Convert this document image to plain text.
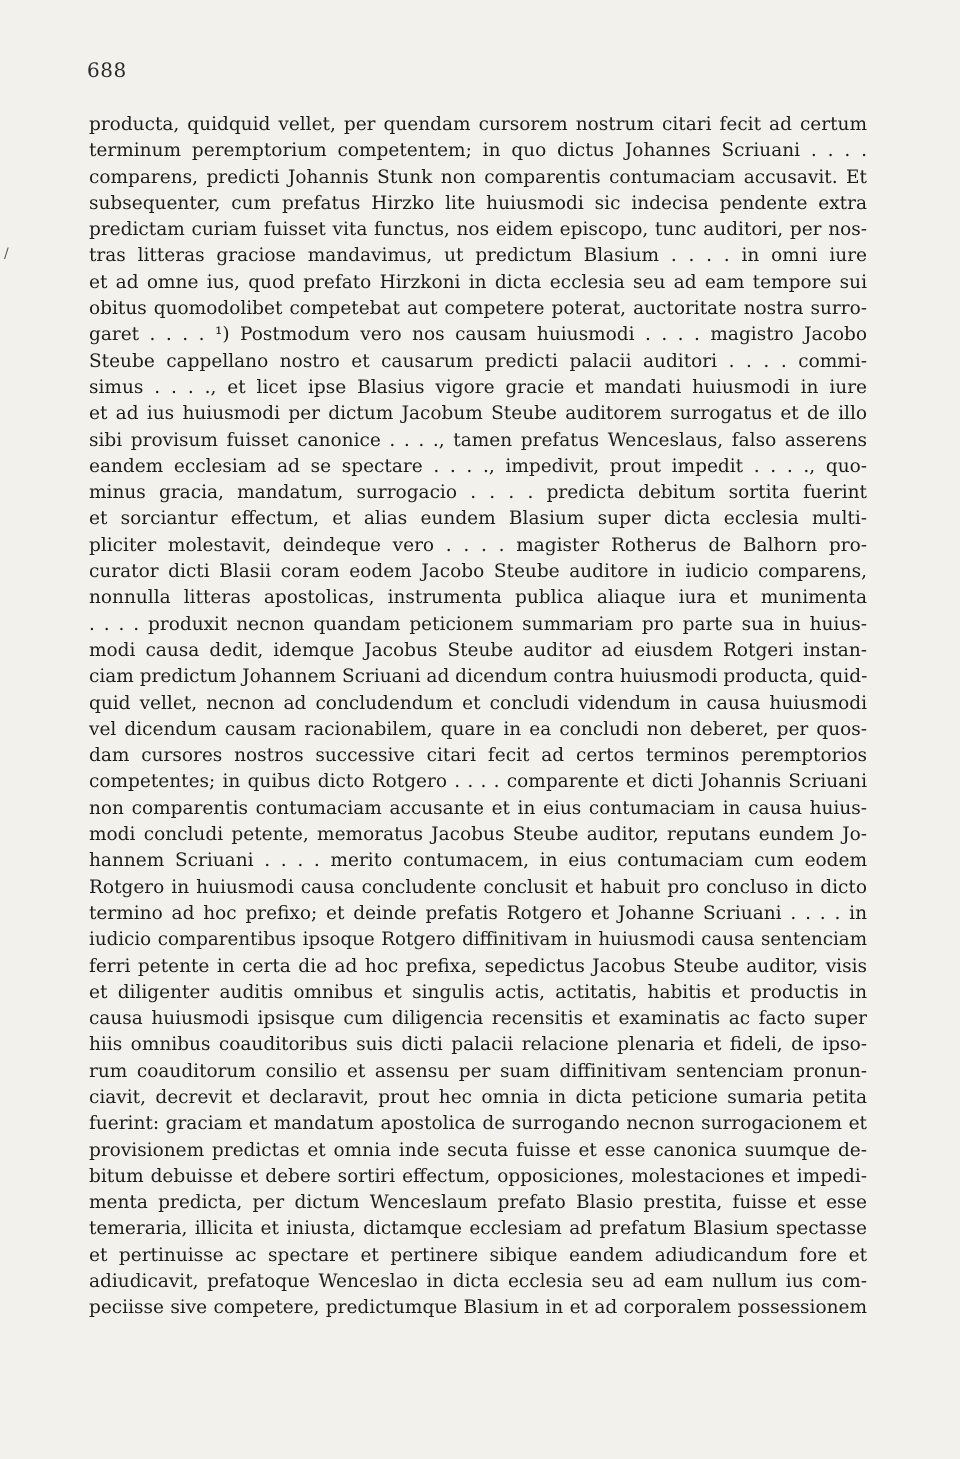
688
/
producta, quidquid vellet, per quendam cursorem nostrum citari fecit ad certum
terminum peremptorium competentem; in quo dictus Johannes Scriuani . . . .
comparens, predicti Johannis Stunk non comparentis contumaciam accusavit. Et
subsequenter, cum prefatus Hirzko lite huiusmodi sic indecisa pendente extra
predictam curiam fuisset vita functus, nos eidem episcopo, tunc auditori, per nos-
tras litteras graciose mandavimus, ut predictum Blasium . . . . in omni iure
et ad omne ius, quod prefato Hirzkoni in dicta ecclesia seu ad eam tempore sui
obitus quomodolibet competebat aut competere poterat, auctoritate nostra surro-
garet . . . . ¹) Postmodum vero nos causam huiusmodi . . . . magistro Jacobo
Steube cappellano nostro et causarum predicti palacii auditori . . . . commi-
simus . . . ., et licet ipse Blasius vigore gracie et mandati huiusmodi in iure
et ad ius huiusmodi per dictum Jacobum Steube auditorem surrogatus et de illo
sibi provisum fuisset canonice . . . ., tamen prefatus Wenceslaus, falso asserens
eandem ecclesiam ad se spectare . . . ., impedivit, prout impedit . . . ., quo-
minus gracia, mandatum, surrogacio . . . . predicta debitum sortita fuerint
et sorciantur effectum, et alias eundem Blasium super dicta ecclesia multi-
pliciter molestavit, deindeque vero . . . . magister Rotherus de Balhorn pro-
curator dicti Blasii coram eodem Jacobo Steube auditore in iudicio comparens,
nonnulla litteras apostolicas, instrumenta publica aliaque iura et munimenta
. . . . produxit necnon quandam peticionem summariam pro parte sua in huius-
modi causa dedit, idemque Jacobus Steube auditor ad eiusdem Rotgeri instan-
ciam predictum Johannem Scriuani ad dicendum contra huiusmodi producta, quid-
quid vellet, necnon ad concludendum et concludi videndum in causa huiusmodi
vel dicendum causam racionabilem, quare in ea concludi non deberet, per quos-
dam cursores nostros successive citari fecit ad certos terminos peremptorios
competentes; in quibus dicto Rotgero . . . . comparente et dicti Johannis Scriuani
non comparentis contumaciam accusante et in eius contumaciam in causa huius-
modi concludi petente, memoratus Jacobus Steube auditor, reputans eundem Jo-
hannem Scriuani . . . . merito contumacem, in eius contumaciam cum eodem
Rotgero in huiusmodi causa concludente conclusit et habuit pro concluso in dicto
termino ad hoc prefixo; et deinde prefatis Rotgero et Johanne Scriuani . . . . in
iudicio comparentibus ipsoque Rotgero diffinitivam in huiusmodi causa sentenciam
ferri petente in certa die ad hoc prefixa, sepedictus Jacobus Steube auditor, visis
et diligenter auditis omnibus et singulis actis, actitatis, habitis et productis in
causa huiusmodi ipsisque cum diligencia recensitis et examinatis ac facto super
hiis omnibus coauditoribus suis dicti palacii relacione plenaria et fideli, de ipso-
rum coauditorum consilio et assensu per suam diffinitivam sentenciam pronun-
ciavit, decrevit et declaravit, prout hec omnia in dicta peticione sumaria petita
fuerint: graciam et mandatum apostolica de surrogando necnon surrogacionem et
provisionem predictas et omnia inde secuta fuisse et esse canonica suumque de-
bitum debuisse et debere sortiri effectum, opposiciones, molestaciones et impedi-
menta predicta, per dictum Wenceslaum prefato Blasio prestita, fuisse et esse
temeraria, illicita et iniusta, dictamque ecclesiam ad prefatum Blasium spectasse
et pertinuisse ac spectare et pertinere sibique eandem adiudicandum fore et
adiudicavit, prefatoque Wenceslao in dicta ecclesia seu ad eam nullum ius com-
peciisse sive competere, predictumque Blasium in et ad corporalem possessionem
